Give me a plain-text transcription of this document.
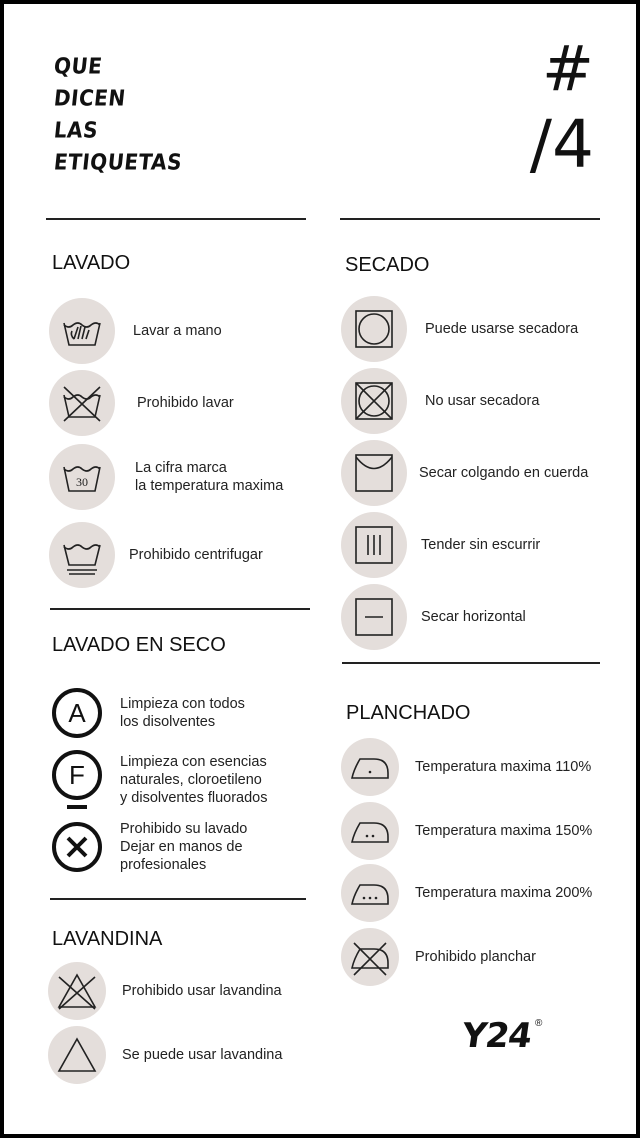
QUE
DICEN
LAS
ETIQUETAS
#
/4
LAVADO
Lavar a mano
Prohibido lavar
30
La cifra marca
la temperatura maxima
Prohibido centrifugar
LAVADO EN SECO
A Limpieza con todos
los disolventes
F Limpieza con esencias
naturales, cloroetileno
y disolventes fluorados
Prohibido su lavado
Dejar en manos de
profesionales
LAVANDINA
Prohibido usar lavandina
Se puede usar lavandina
SECADO
Puede usarse secadora
No usar secadora
Secar colgando en cuerda
Tender sin escurrir
Secar horizontal
PLANCHADO
Temperatura maxima 110%
Temperatura maxima 150%
Temperatura maxima 200%
Prohibido planchar
Y24 ®
